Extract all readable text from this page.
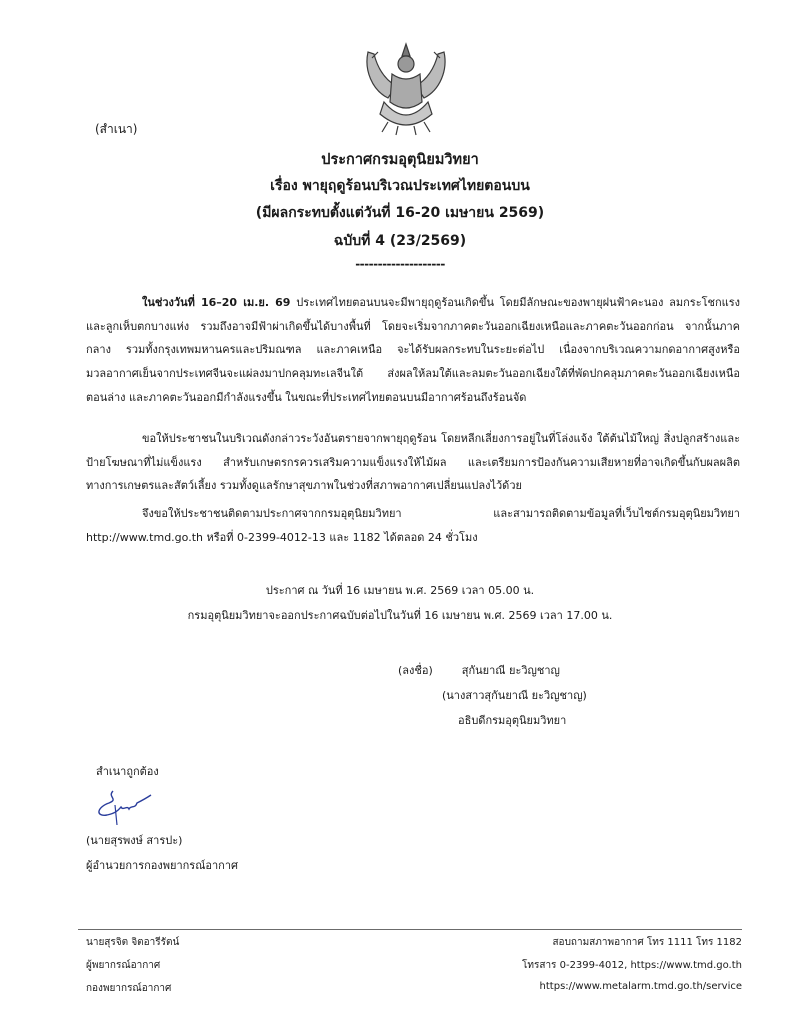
(สำเนา)
ประกาศกรมอุตุนิยมวิทยา
เรื่อง พายุฤดูร้อนบริเวณประเทศไทยตอนบน
(มีผลกระทบตั้งแต่วันที่ 16-20 เมษายน 2569)
ฉบับที่ 4 (23/2569)
--------------------
ในช่วงวันที่ 16–20 เม.ย. 69 ประเทศไทยตอนบนจะมีพายุฤดูร้อนเกิดขึ้น โดยมีลักษณะของพายุฝนฟ้าคะนอง ลมกระโชกแรง และลูกเห็บตกบางแห่ง รวมถึงอาจมีฟ้าผ่าเกิดขึ้นได้บางพื้นที่ โดยจะเริ่มจากภาคตะวันออกเฉียงเหนือและภาคตะวันออกก่อน จากนั้นภาคกลาง รวมทั้งกรุงเทพมหานครและปริมณฑล และภาคเหนือ จะได้รับผลกระทบในระยะต่อไป เนื่องจากบริเวณความกดอากาศสูงหรือมวลอากาศเย็นจากประเทศจีนจะแผ่ลงมาปกคลุมทะเลจีนใต้ ส่งผลให้ลมใต้และลมตะวันออกเฉียงใต้ที่พัดปกคลุมภาคตะวันออกเฉียงเหนือตอนล่าง และภาคตะวันออกมีกำลังแรงขึ้น ในขณะที่ประเทศไทยตอนบนมีอากาศร้อนถึงร้อนจัด
ขอให้ประชาชนในบริเวณดังกล่าวระวังอันตรายจากพายุฤดูร้อน โดยหลีกเลี่ยงการอยู่ในที่โล่งแจ้ง ใต้ต้นไม้ใหญ่ สิ่งปลูกสร้างและป้ายโฆษณาที่ไม่แข็งแรง สำหรับเกษตรกรควรเสริมความแข็งแรงให้ไม้ผล และเตรียมการป้องกันความเสียหายที่อาจเกิดขึ้นกับผลผลิตทางการเกษตรและสัตว์เลี้ยง รวมทั้งดูแลรักษาสุขภาพในช่วงที่สภาพอากาศเปลี่ยนแปลงไว้ด้วย
จึงขอให้ประชาชนติดตามประกาศจากกรมอุตุนิยมวิทยา และสามารถติดตามข้อมูลที่เว็บไซต์กรมอุตุนิยมวิทยา http://www.tmd.go.th หรือที่ 0-2399-4012-13 และ 1182 ได้ตลอด 24 ชั่วโมง
ประกาศ ณ วันที่ 16 เมษายน พ.ศ. 2569 เวลา 05.00 น.
กรมอุตุนิยมวิทยาจะออกประกาศฉบับต่อไปในวันที่ 16 เมษายน พ.ศ. 2569 เวลา 17.00 น.
(ลงชื่อ)	สุกันยาณี ยะวิญชาญ
(นางสาวสุกันยาณี ยะวิญชาญ)
อธิบดีกรมอุตุนิยมวิทยา
สำเนาถูกต้อง
(นายสุรพงษ์ สารปะ)
ผู้อำนวยการกองพยากรณ์อากาศ
นายสุรจิต จิตอารีรัตน์
ผู้พยากรณ์อากาศ
กองพยากรณ์อากาศ
สอบถามสภาพอากาศ โทร 1111 โทร 1182
โทรสาร 0-2399-4012, https://www.tmd.go.th
https://www.metalarm.tmd.go.th/service
